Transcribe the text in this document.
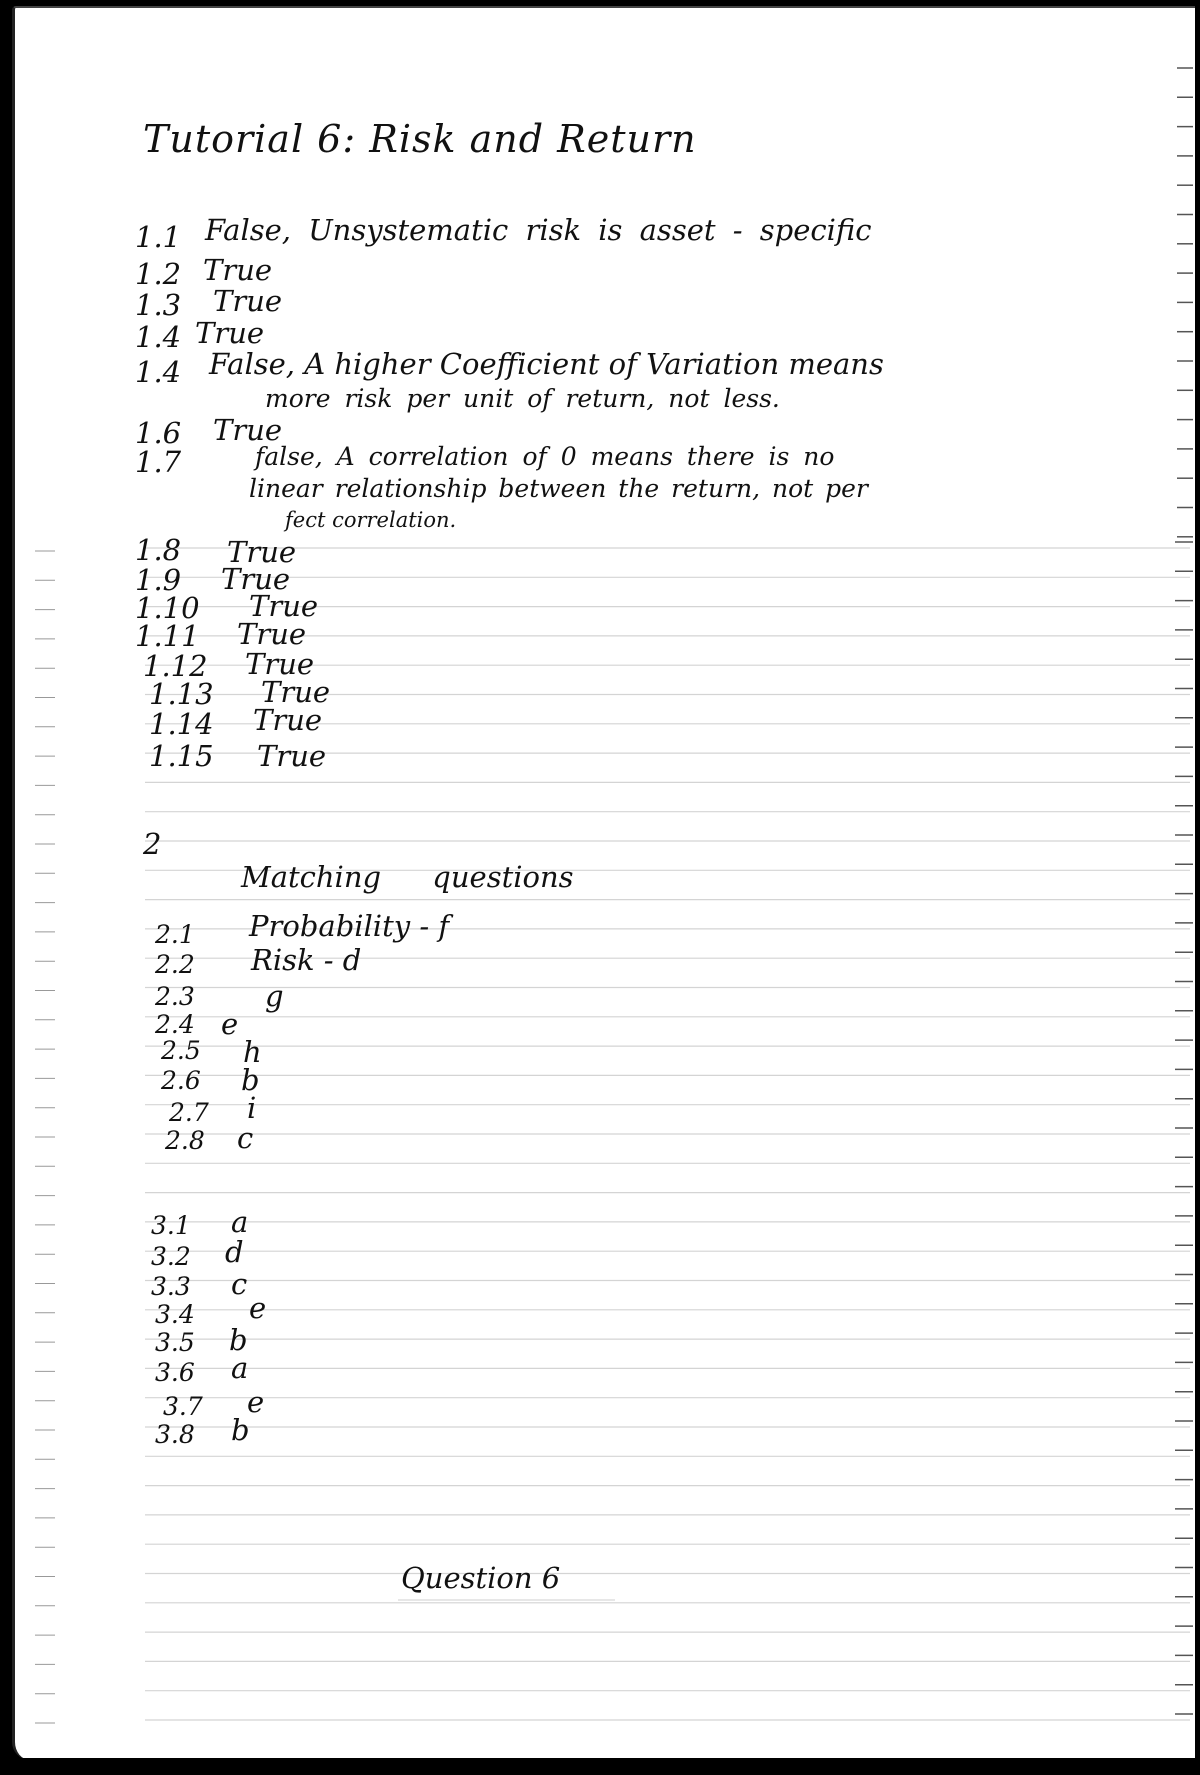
Tutorial 6: Risk and Return
1.1 False, Unsystematic risk is asset - specific
1.2 True
1.3 True
1.4 True
1.4 False, A higher Coefficient of Variation means
more risk per unit of return, not less.
1.6 True
1.7	false, A correlation of 0 means there is no
linear relationship between the return, not per
fect correlation.
1.8 True
1.9 True
1.10 True
1.11 True
1.12 True
1.13 True
1.14 True
1.15 True
2
Matching questions
2.1 Probability - f
2.2 Risk - d
2.3 g
2.4 e
2.5 h
2.6 b
2.7 i
2.8 c
3.1 a
3.2 d
3.3 c
3.4 e
3.5 b
3.6 a
3.7 e
3.8 b
Question 6
